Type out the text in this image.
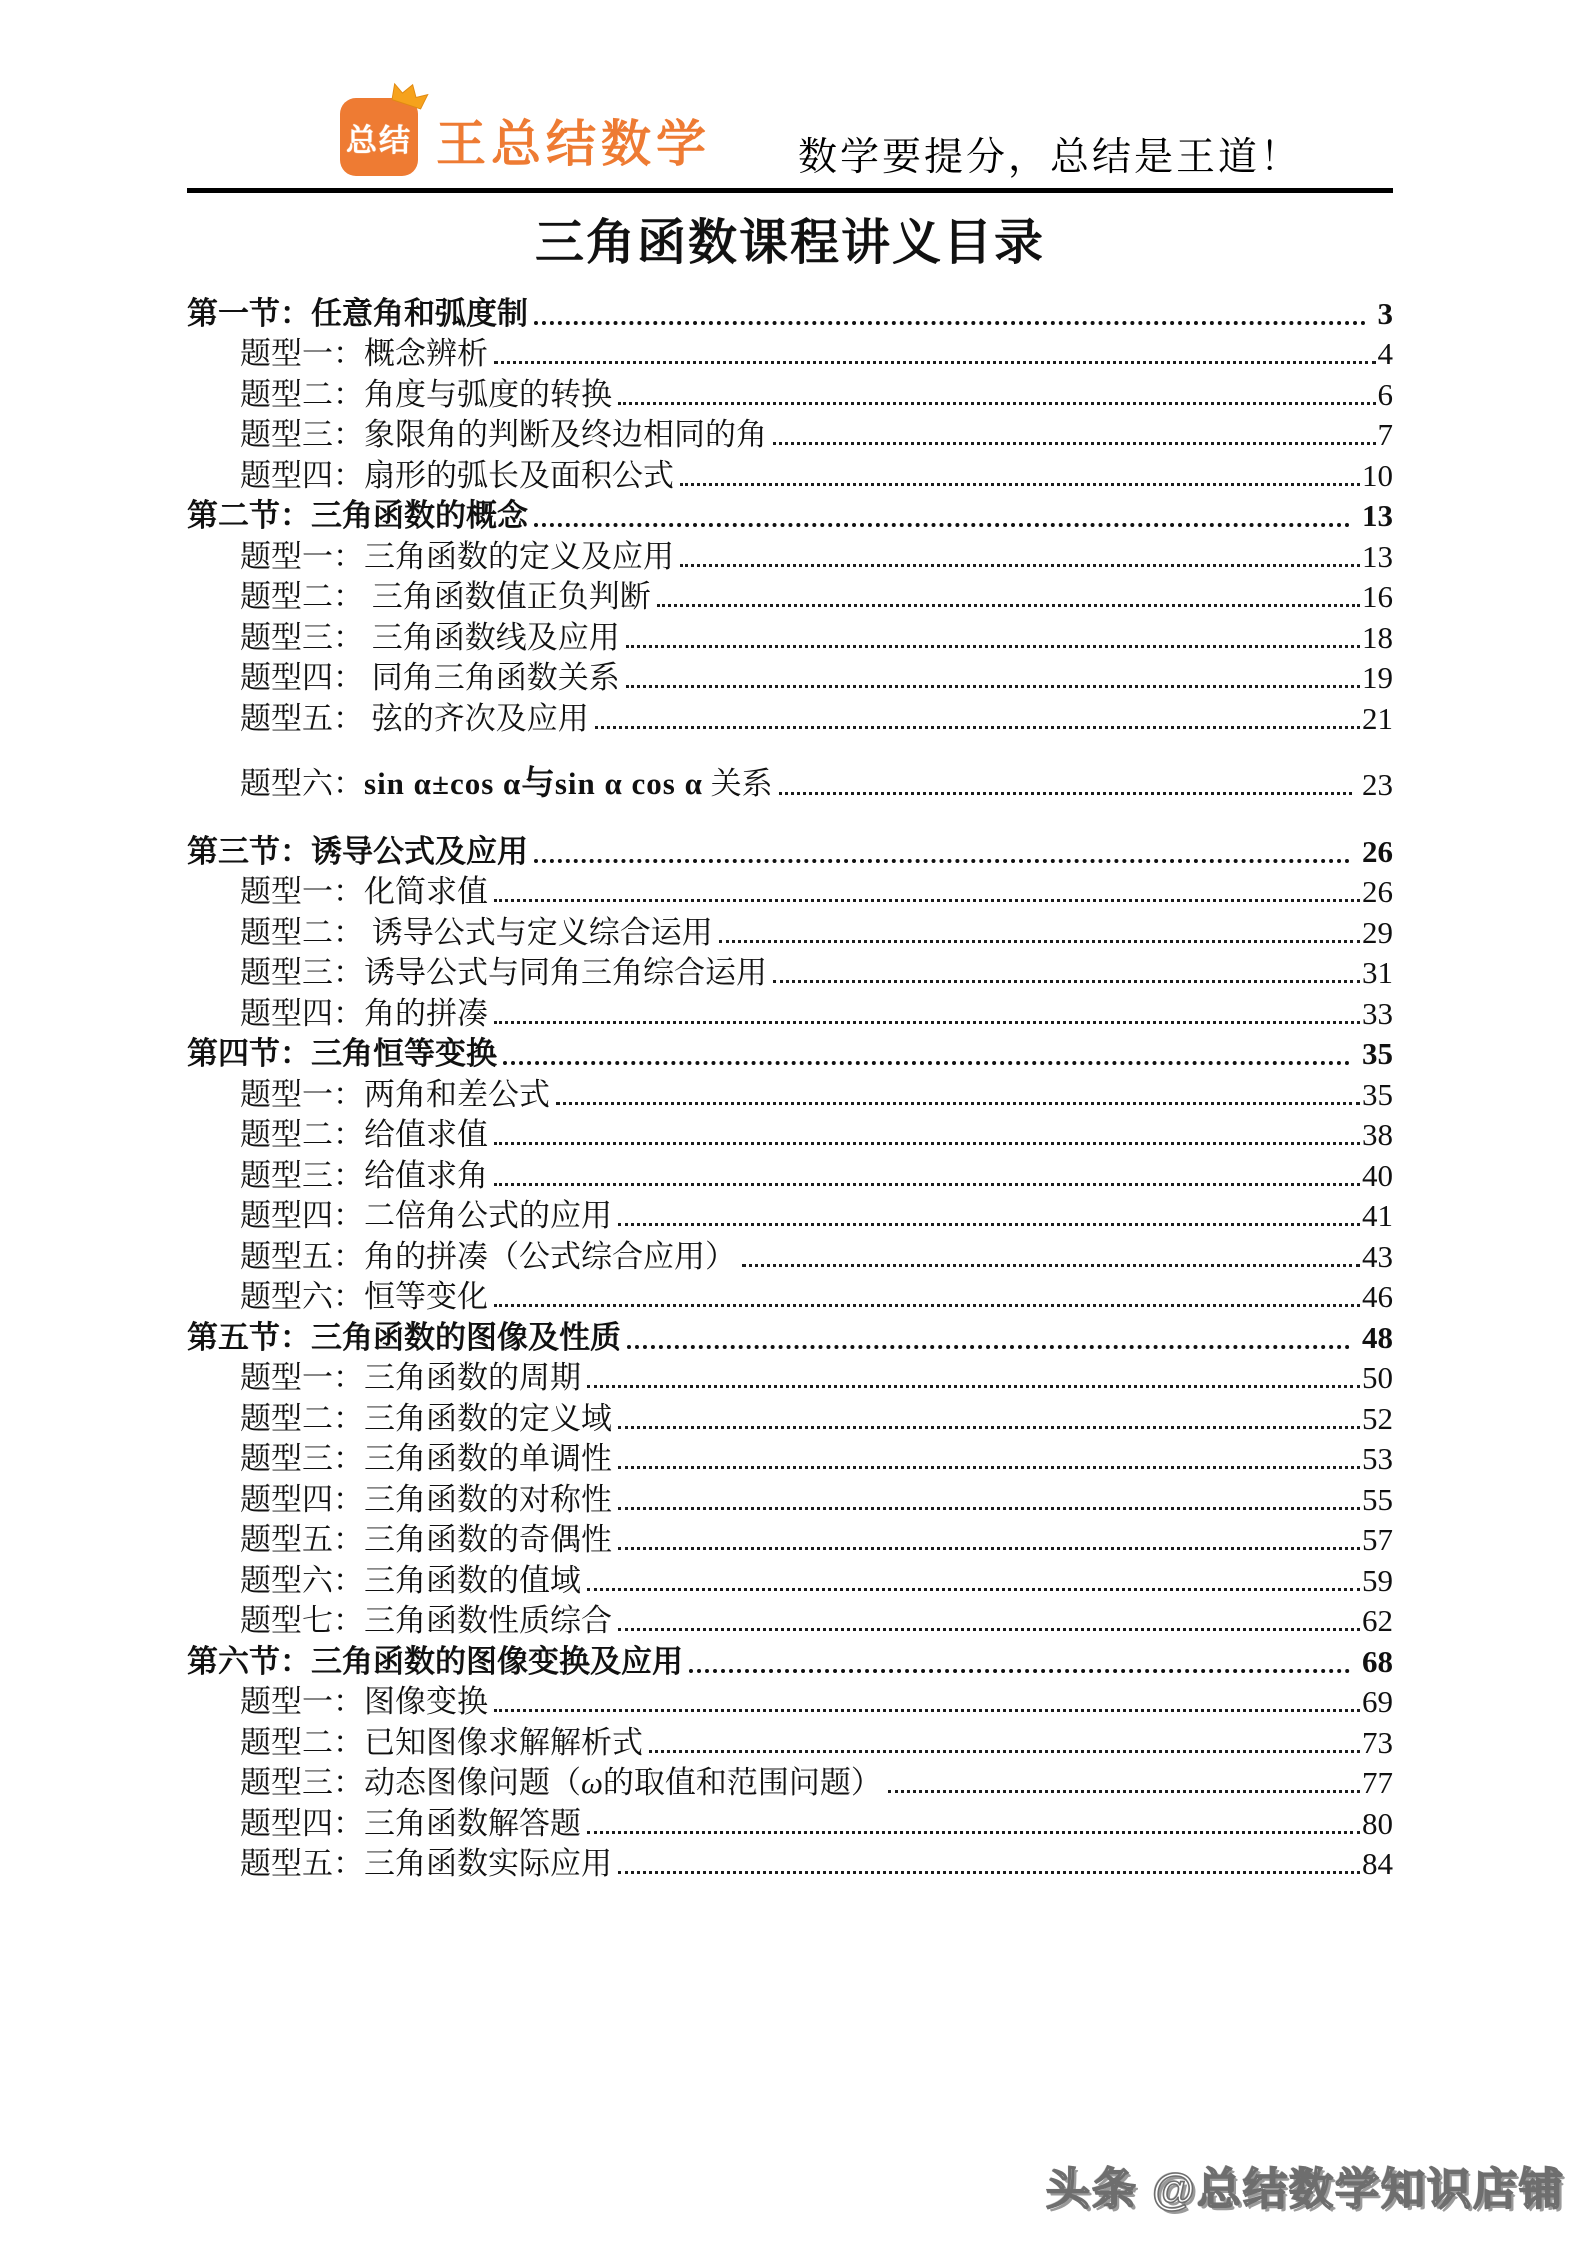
总结 王总结数学 数学要提分，总结是王道！
三角函数课程讲义目录
第一节：任意角和弧度制	3
题型一：概念辨析	4
题型二：角度与弧度的转换	6
题型三：象限角的判断及终边相同的角	7
题型四：扇形的弧长及面积公式	10
第二节：三角函数的概念	13
题型一：三角函数的定义及应用	13
题型二： 三角函数值正负判断	16
题型三： 三角函数线及应用	18
题型四： 同角三角函数关系	19
题型五： 弦的齐次及应用	21
题型六：sin α±cos α与sin α cos α 关系	23
第三节：诱导公式及应用	26
题型一：化简求值	26
题型二： 诱导公式与定义综合运用	29
题型三：诱导公式与同角三角综合运用	31
题型四：角的拼凑	33
第四节：三角恒等变换	35
题型一：两角和差公式	35
题型二：给值求值	38
题型三：给值求角	40
题型四：二倍角公式的应用	41
题型五：角的拼凑（公式综合应用）	43
题型六：恒等变化	46
第五节：三角函数的图像及性质	48
题型一：三角函数的周期	50
题型二：三角函数的定义域	52
题型三：三角函数的单调性	53
题型四：三角函数的对称性	55
题型五：三角函数的奇偶性	57
题型六：三角函数的值域	59
题型七：三角函数性质综合	62
第六节：三角函数的图像变换及应用	68
题型一：图像变换	69
题型二：已知图像求解解析式	73
题型三：动态图像问题（ω的取值和范围问题）	77
题型四：三角函数解答题	80
题型五：三角函数实际应用	84
头条 @总结数学知识店铺
